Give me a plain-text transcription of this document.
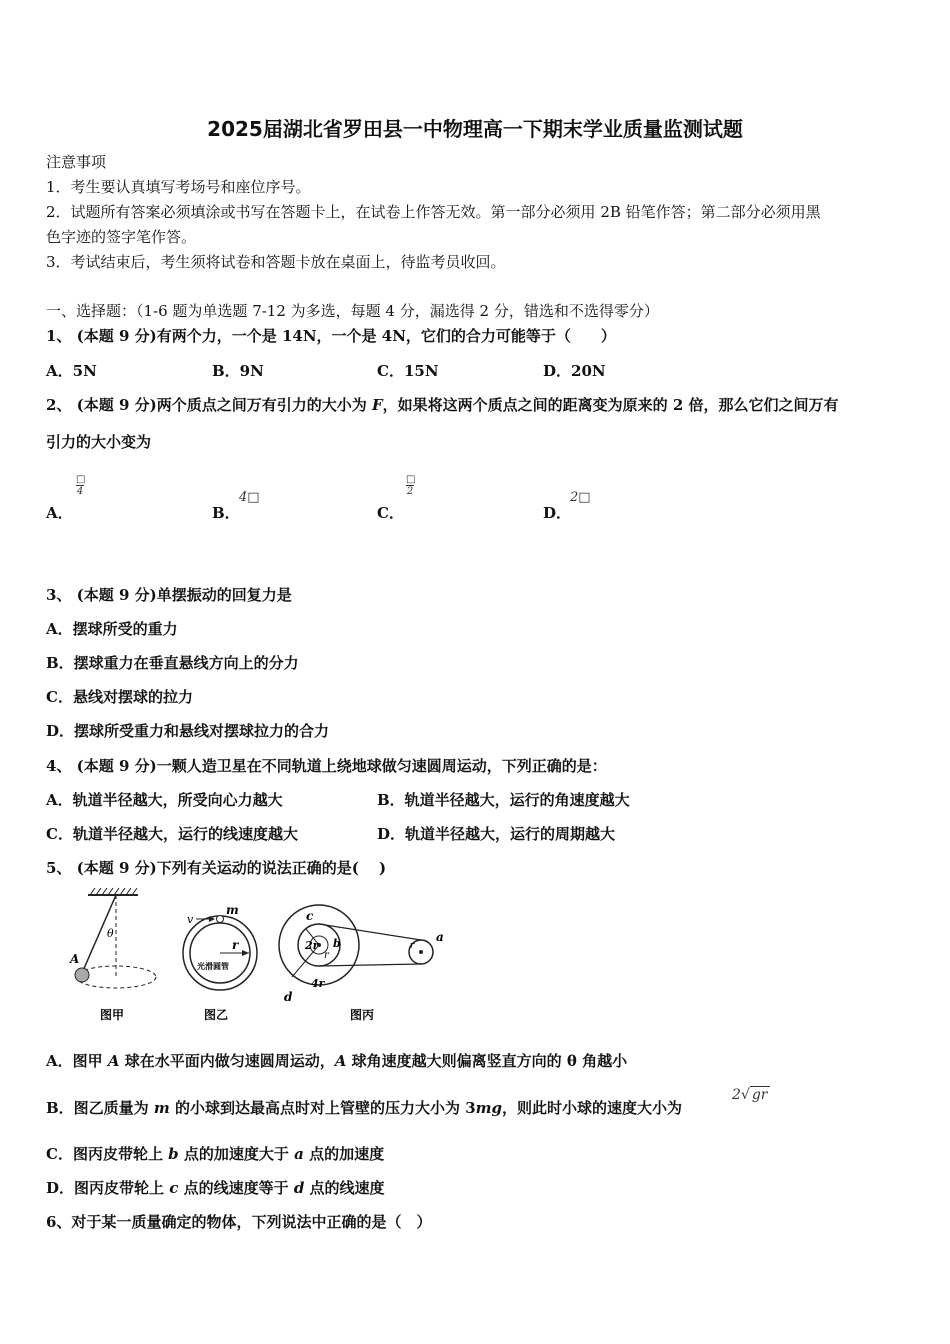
2025届湖北省罗田县一中物理高一下期末学业质量监测试题
注意事项
1．考生要认真填写考场号和座位序号。
2．试题所有答案必须填涂或书写在答题卡上，在试卷上作答无效。第一部分必须用 2B 铅笔作答；第二部分必须用黑
色字迹的签字笔作答。
3．考试结束后，考生须将试卷和答题卡放在桌面上，待监考员收回。
一、选择题：（1-6 题为单选题 7-12 为多选，每题 4 分，漏选得 2 分，错选和不选得零分）
1、 (本题 9 分)有两个力，一个是 14N，一个是 4N，它们的合力可能等于（　　）
A．5N	B．9N	C．15N	D．20N
2、 (本题 9 分)两个质点之间万有引力的大小为 F，如果将这两个质点之间的距离变为原来的 2 倍，那么它们之间万有
引力的大小变为
A．
□
4
B．
4□
C．
□
2
D．
2□
3、 (本题 9 分)单摆振动的回复力是
A．摆球所受的重力
B．摆球重力在垂直悬线方向上的分力
C．悬线对摆球的拉力
D．摆球所受重力和悬线对摆球拉力的合力
4、 (本题 9 分)一颗人造卫星在不同轨道上绕地球做匀速圆周运动，下列正确的是：
A．轨道半径越大，所受向心力越大	B．轨道半径越大，运行的角速度越大
C．轨道半径越大，运行的线速度越大	D．轨道半径越大，运行的周期越大
5、 (本题 9 分)下列有关运动的说法正确的是(　 )
A
θ
图甲
v
m
r
光滑圆管
图乙
c
2r b
r
a
r
d
4r
图丙
A．图甲 A 球在水平面内做匀速圆周运动，A 球角速度越大则偏离竖直方向的 θ 角越小
B．图乙质量为 m 的小球到达最高点时对上管壁的压力大小为 3mg，则此时小球的速度大小为
2√ gr
C．图丙皮带轮上 b 点的加速度大于 a 点的加速度
D．图丙皮带轮上 c 点的线速度等于 d 点的线速度
6、对于某一质量确定的物体，下列说法中正确的是（　）
